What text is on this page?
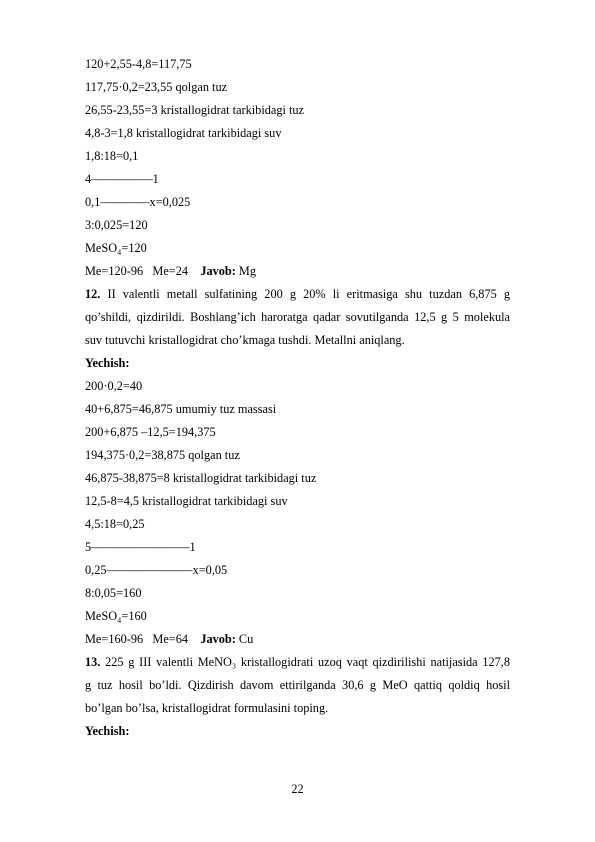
120+2,55-4,8=117,75
117,75·0,2=23,55 qolgan tuz
26,55-23,55=3 kristallogidrat tarkibidagi tuz
4,8-3=1,8 kristallogidrat tarkibidagi suv
1,8:18=0,1
4—————1
0,1————x=0,025
3:0,025=120
MeSO₄=120
Me=120-96   Me=24    Javob: Mg
12. II valentli metall sulfatining 200 g 20% li eritmasiga shu tuzdan 6,875 g
qo’shildi, qizdirildi. Boshlang’ich haroratga qadar sovutilganda 12,5 g 5 molekula
suv tutuvchi kristallogidrat cho’kmaga tushdi. Metallni aniqlang.
Yechish:
200·0,2=40
40+6,875=46,875 umumiy tuz massasi
200+6,875 –12,5=194,375
194,375·0,2=38,875 qolgan tuz
46,875-38,875=8 kristallogidrat tarkibidagi tuz
12,5-8=4,5 kristallogidrat tarkibidagi suv
4,5:18=0,25
5————————1
0,25———————x=0,05
8:0,05=160
MeSO₄=160
Me=160-96   Me=64    Javob: Cu
13. 225 g III valentli MeNO₃ kristallogidrati uzoq vaqt qizdirilishi natijasida 127,8
g tuz hosil bo’ldi. Qizdirish davom ettirilganda 30,6 g MeO qattiq qoldiq hosil
bo’lgan bo’lsa, kristallogidrat formulasini toping.
Yechish:
22
